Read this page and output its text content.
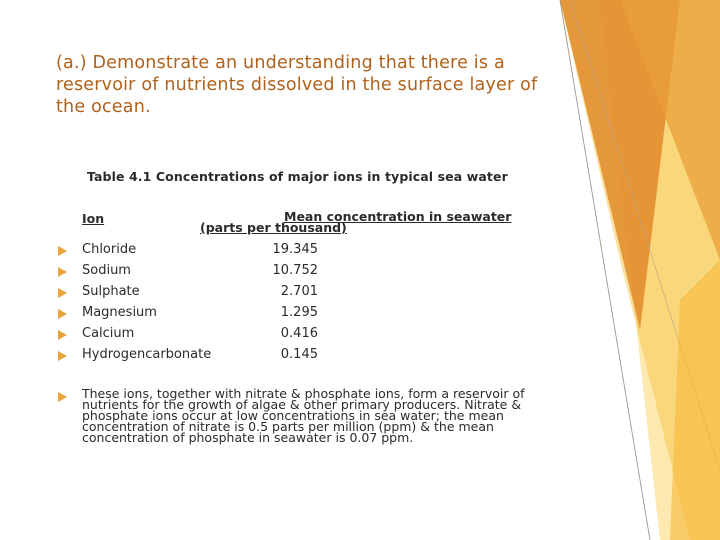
(a.) Demonstrate an understanding that there is a reservoir of nutrients dissolved in the surface layer of the ocean.
Table 4.1 Concentrations of major ions in typical sea water
Ion	Mean concentration in seawater (parts per thousand)
Chloride	19.345
Sodium	10.752
Sulphate	2.701
Magnesium	1.295
Calcium	0.416
Hydrogencarbonate	0.145
These ions, together with nitrate & phosphate ions, form a reservoir of nutrients for the growth of algae & other primary producers. Nitrate & phosphate ions occur at low concentrations in sea water; the mean concentration of nitrate is 0.5 parts per million (ppm) & the mean concentration of phosphate in seawater is 0.07 ppm.
